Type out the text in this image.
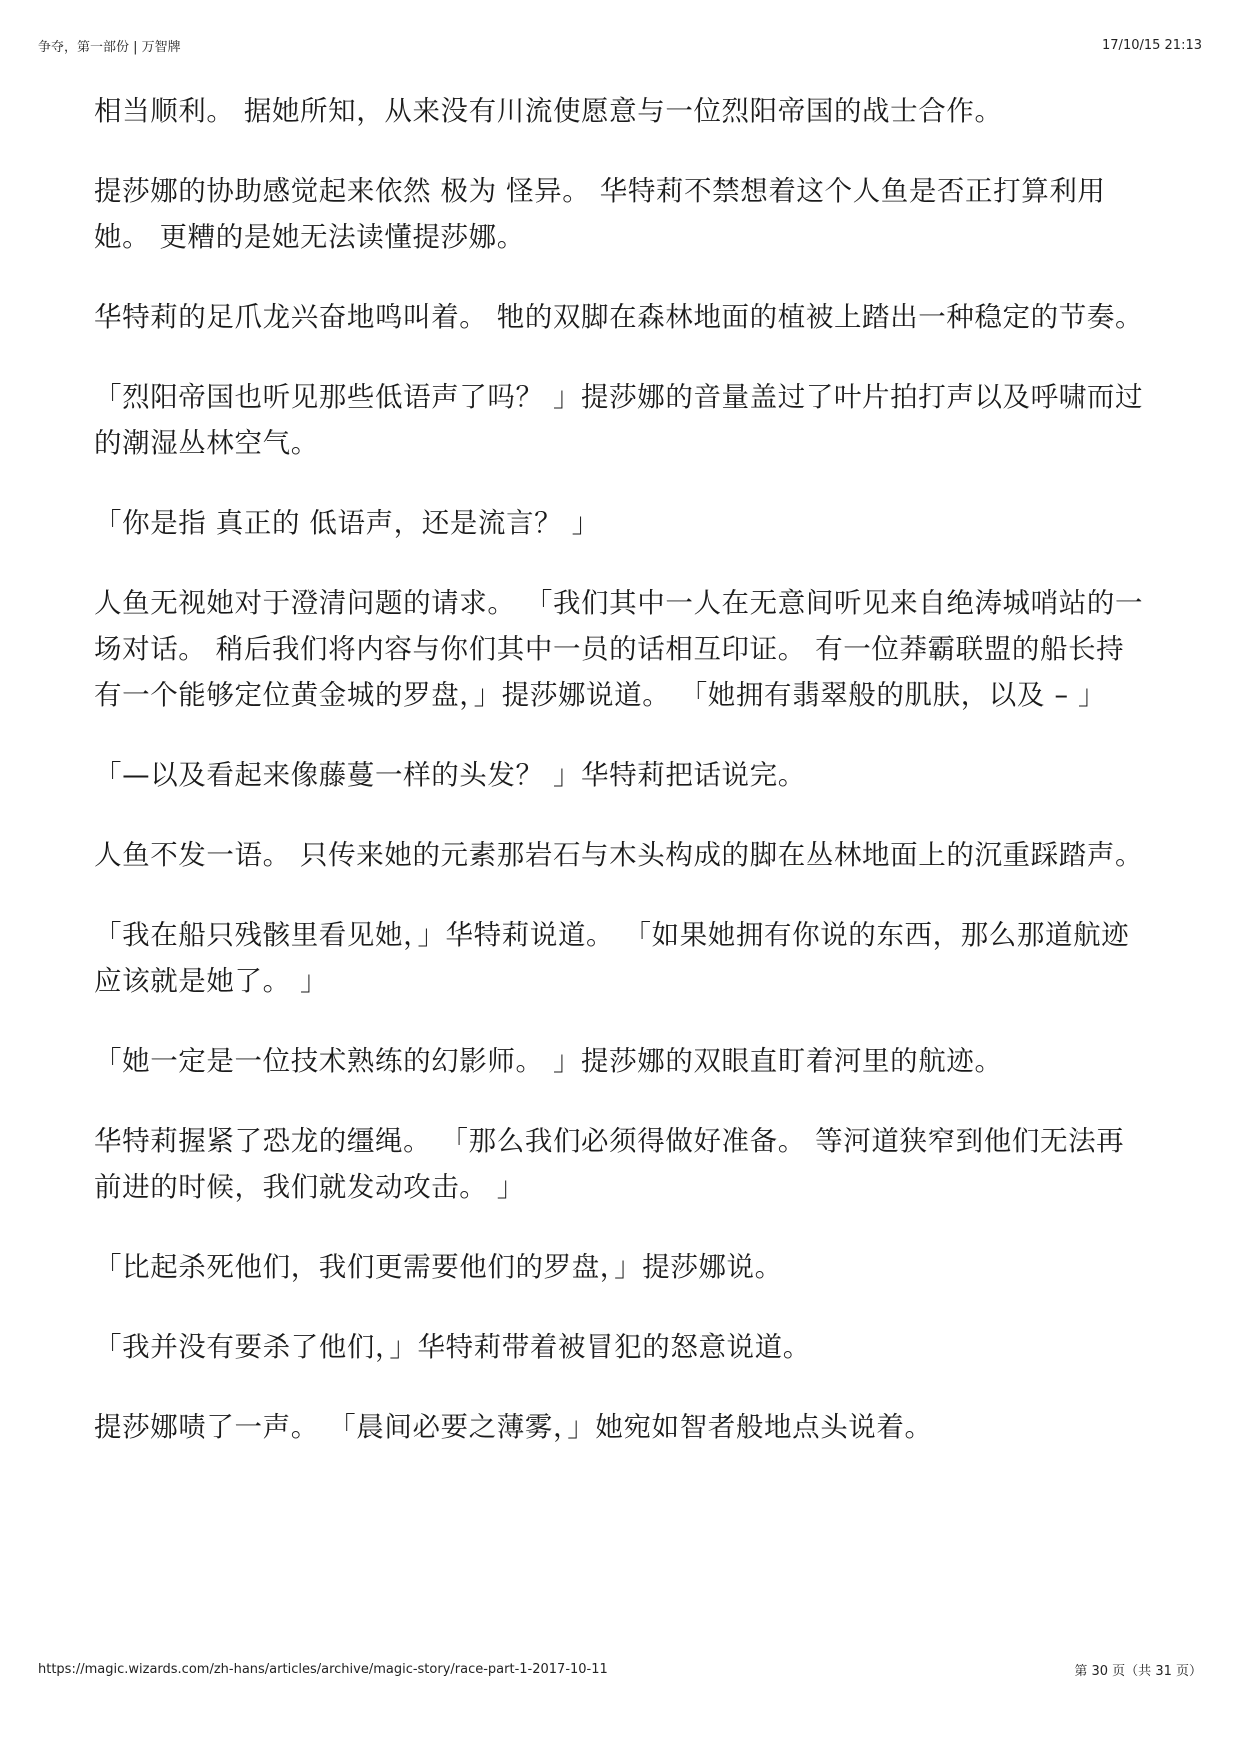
争夺，第一部份 | 万智牌	17/10/15 21:13

相当顺利。 据她所知，从来没有川流使愿意与一位烈阳帝国的战士合作。

提莎娜的协助感觉起来依然 极为 怪异。 华特莉不禁想着这个人鱼是否正打算利用她。 更糟的是她无法读懂提莎娜。

华特莉的足爪龙兴奋地鸣叫着。 牠的双脚在森林地面的植被上踏出一种稳定的节奏。

「烈阳帝国也听见那些低语声了吗？ 」提莎娜的音量盖过了叶片拍打声以及呼啸而过的潮湿丛林空气。

「你是指 真正的 低语声，还是流言？ 」

人鱼无视她对于澄清问题的请求。 「我们其中一人在无意间听见来自绝涛城哨站的一场对话。 稍后我们将内容与你们其中一员的话相互印证。 有一位莽霸联盟的船长持有一个能够定位黄金城的罗盘，」提莎娜说道。 「她拥有翡翠般的肌肤，以及 – 」

「—以及看起来像藤蔓一样的头发？ 」华特莉把话说完。

人鱼不发一语。 只传来她的元素那岩石与木头构成的脚在丛林地面上的沉重踩踏声。

「我在船只残骸里看见她，」华特莉说道。 「如果她拥有你说的东西，那么那道航迹应该就是她了。 」

「她一定是一位技术熟练的幻影师。 」提莎娜的双眼直盯着河里的航迹。

华特莉握紧了恐龙的缰绳。 「那么我们必须得做好准备。 等河道狭窄到他们无法再前进的时候，我们就发动攻击。 」

「比起杀死他们，我们更需要他们的罗盘，」提莎娜说。

「我并没有要杀了他们，」华特莉带着被冒犯的怒意说道。

提莎娜啧了一声。 「晨间必要之薄雾，」她宛如智者般地点头说着。

https://magic.wizards.com/zh-hans/articles/archive/magic-story/race-part-1-2017-10-11	第 30 页（共 31 页）
